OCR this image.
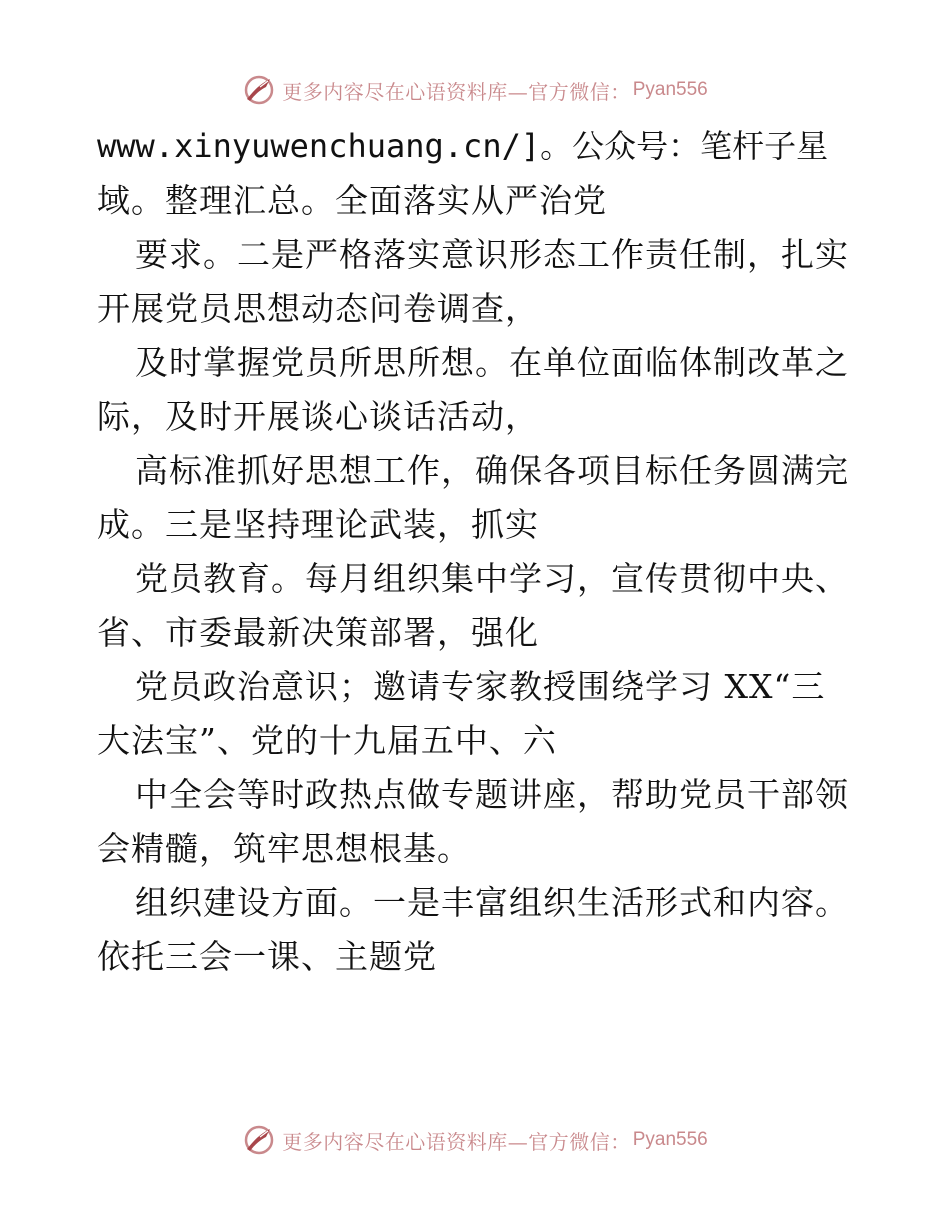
更多内容尽在心语资料库—官方微信： Pyan556
www.xinyuwenchuang.cn/]。公众号：笔杆子星
域。整理汇总。全面落实从严治党
要求。二是严格落实意识形态工作责任制，扎实
开展党员思想动态问卷调查，
及时掌握党员所思所想。在单位面临体制改革之
际，及时开展谈心谈话活动，
高标准抓好思想工作，确保各项目标任务圆满完
成。三是坚持理论武装，抓实
党员教育。每月组织集中学习，宣传贯彻中央、
省、市委最新决策部署，强化
党员政治意识；邀请专家教授围绕学习 XX“三
大法宝”、党的十九届五中、六
中全会等时政热点做专题讲座，帮助党员干部领
会精髓，筑牢思想根基。
组织建设方面。一是丰富组织生活形式和内容。
依托三会一课、主题党
更多内容尽在心语资料库—官方微信： Pyan556
